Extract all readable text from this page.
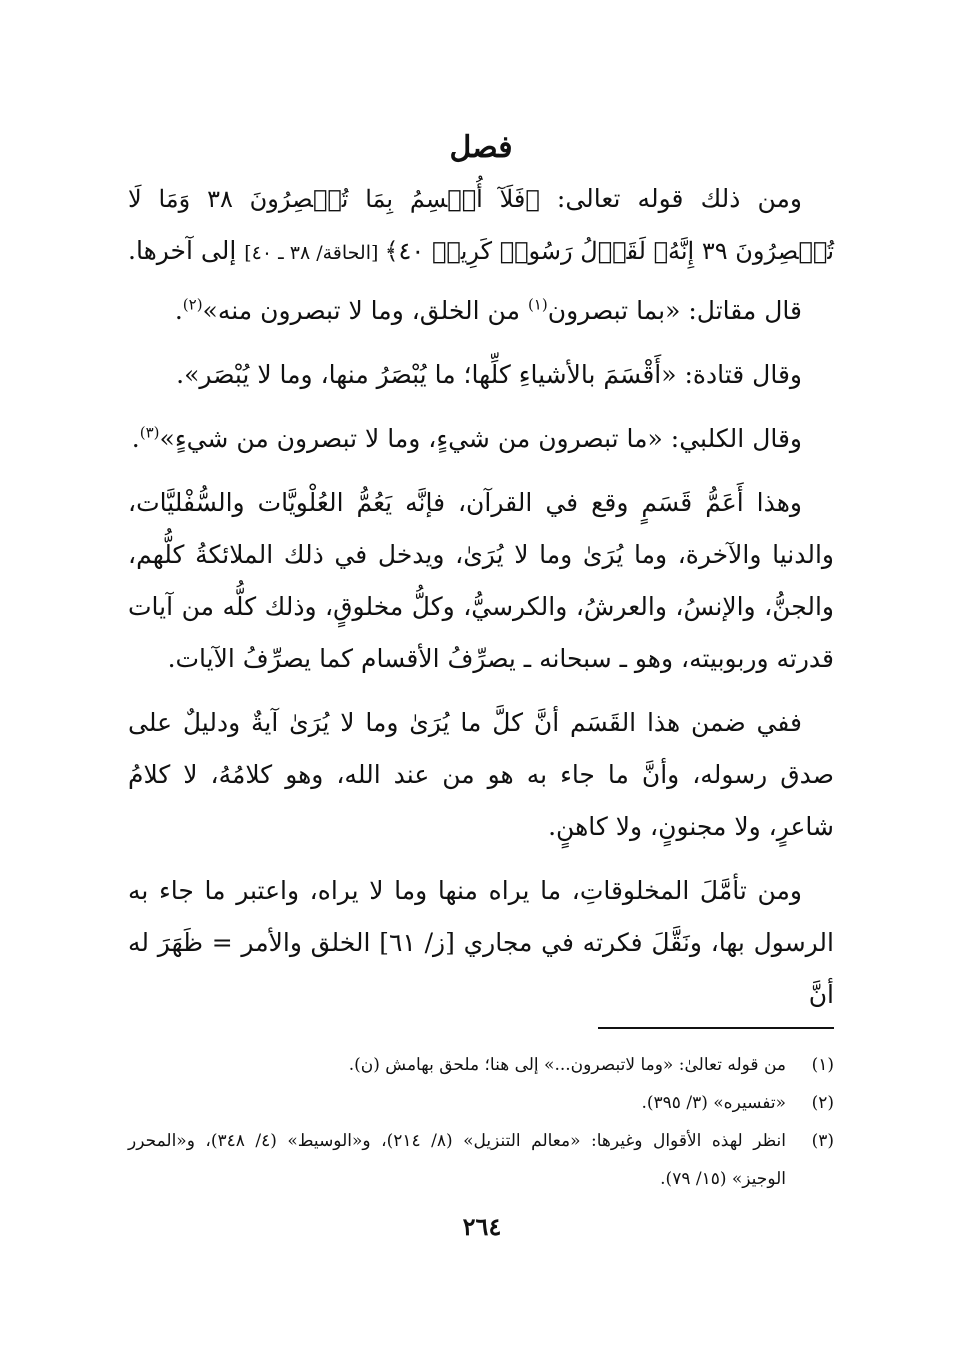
فصل

ومن ذلك قوله تعالى: ﴿فَلَآ أُقۡسِمُ بِمَا تُبۡصِرُونَ ٣٨ وَمَا لَا تُبۡصِرُونَ ٣٩ إِنَّهُۥ لَقَوۡلُ رَسُولٖ كَرِيمٖ ٤٠﴾ [الحاقة/ ٣٨ ـ ٤٠] إلى آخرها.

قال مقاتل: «بما تبصرون$^{(١)}$ من الخلق، وما لا تبصرون منه»$^{(٢)}$.

وقال قتادة: «أَقْسَمَ بالأشياءِ كلِّها؛ ما يُبْصَرُ منها، وما لا يُبْصَر».

وقال الكلبي: «ما تبصرون من شيءٍ، وما لا تبصرون من شيءٍ»$^{(٣)}$.

وهذا أَعَمُّ قَسَمٍ وقع في القرآن، فإنَّه يَعُمُّ العُلْويَّات والسُّفْليَّات، والدنيا والآخرة، وما يُرَىٰ وما لا يُرَىٰ، ويدخل في ذلك الملائكةُ كلُّهم، والجنُّ، والإنسُ، والعرشُ، والكرسيُّ، وكلُّ مخلوقٍ، وذلك كلُّه من آيات قدرته وربوبيته، وهو ـ سبحانه ـ يصرِّفُ الأقسام كما يصرِّفُ الآيات.

ففي ضمن هذا القَسَم أنَّ كلَّ ما يُرَىٰ وما لا يُرَىٰ آيةٌ ودليلٌ على صدق رسوله، وأنَّ ما جاء به هو من عند الله، وهو كلامُهُ، لا كلامُ شاعرٍ، ولا مجنونٍ، ولا كاهنٍ.

ومن تأمَّلَ المخلوقاتِ، ما يراه منها وما لا يراه، واعتبر ما جاء به الرسول بها، ونَقَّلَ فكرته في مجاري [ز/ ٦١] الخلق والأمر = ظَهَرَ له أنَّ

(١)
من قوله تعالىٰ: «وما لاتبصرون...» إلى هنا؛ ملحق بهامش (ن).
(٢)
«تفسيره» (٣/ ٣٩٥).
(٣)
انظر لهذه الأقوال وغيرها: «معالم التنزيل» (٨/ ٢١٤)، و«الوسيط» (٤/ ٣٤٨)، و«المحرر الوجيز» (١٥/ ٧٩).
٢٦٤
